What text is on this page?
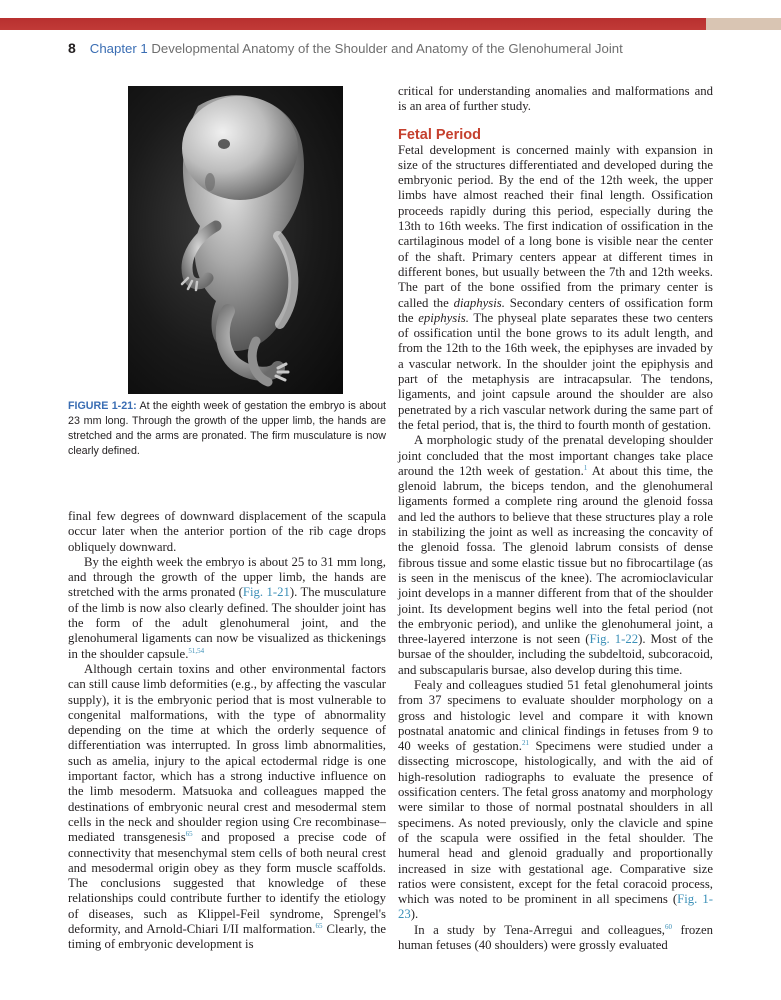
8 Chapter 1 Developmental Anatomy of the Shoulder and Anatomy of the Glenohumeral Joint
FIGURE 1-21: At the eighth week of gestation the embryo is about 23 mm long. Through the growth of the upper limb, the hands are stretched and the arms are pronated. The firm musculature is now clearly defined.

final few degrees of downward displacement of the scapula occur later when the anterior portion of the rib cage drops obliquely downward.

By the eighth week the embryo is about 25 to 31 mm long, and through the growth of the upper limb, the hands are stretched with the arms pronated (Fig. 1-21). The musculature of the limb is now also clearly defined. The shoulder joint has the form of the adult glenohumeral joint, and the glenohumeral ligaments can now be visualized as thickenings in the shoulder capsule.$^{51,54}$

Although certain toxins and other environmental factors can still cause limb deformities (e.g., by affecting the vascular supply), it is the embryonic period that is most vulnerable to congenital malformations, with the type of abnormality depending on the time at which the orderly sequence of differentiation was interrupted. In gross limb abnormalities, such as amelia, injury to the apical ectodermal ridge is one important factor, which has a strong inductive influence on the limb mesoderm. Matsuoka and colleagues mapped the destinations of embryonic neural crest and mesodermal stem cells in the neck and shoulder region using Cre recombinase–mediated transgenesis$^{65}$ and proposed a precise code of connectivity that mesenchymal stem cells of both neural crest and mesodermal origin obey as they form muscle scaffolds. The conclusions suggested that knowledge of these relationships could contribute further to identify the etiology of diseases, such as Klippel-Feil syndrome, Sprengel's deformity, and Arnold-Chiari I/II malformation.$^{65}$ Clearly, the timing of embryonic development is

critical for understanding anomalies and malformations and is an area of further study.

Fetal Period

Fetal development is concerned mainly with expansion in size of the structures differentiated and developed during the embryonic period. By the end of the 12th week, the upper limbs have almost reached their final length. Ossification proceeds rapidly during this period, especially during the 13th to 16th weeks. The first indication of ossification in the cartilaginous model of a long bone is visible near the center of the shaft. Primary centers appear at different times in different bones, but usually between the 7th and 12th weeks. The part of the bone ossified from the primary center is called the diaphysis. Secondary centers of ossification form the epiphysis. The physeal plate separates these two centers of ossification until the bone grows to its adult length, and from the 12th to the 16th week, the epiphyses are invaded by a vascular network. In the shoulder joint the epiphysis and part of the metaphysis are intracapsular. The tendons, ligaments, and joint capsule around the shoulder are also penetrated by a rich vascular network during the same part of the fetal period, that is, the third to fourth month of gestation.

A morphologic study of the prenatal developing shoulder joint concluded that the most important changes take place around the 12th week of gestation.$^1$ At about this time, the glenoid labrum, the biceps tendon, and the glenohumeral ligaments formed a complete ring around the glenoid fossa and led the authors to believe that these structures play a role in stabilizing the joint as well as increasing the concavity of the glenoid fossa. The glenoid labrum consists of dense fibrous tissue and some elastic tissue but no fibrocartilage (as is seen in the meniscus of the knee). The acromioclavicular joint develops in a manner different from that of the shoulder joint. Its development begins well into the fetal period (not the embryonic period), and unlike the glenohumeral joint, a three-layered interzone is not seen (Fig. 1-22). Most of the bursae of the shoulder, including the subdeltoid, subcoracoid, and subscapularis bursae, also develop during this time.

Fealy and colleagues studied 51 fetal glenohumeral joints from 37 specimens to evaluate shoulder morphology on a gross and histologic level and compare it with known postnatal anatomic and clinical findings in fetuses from 9 to 40 weeks of gestation.$^{21}$ Specimens were studied under a dissecting microscope, histologically, and with the aid of high-resolution radiographs to evaluate the presence of ossification centers. The fetal gross anatomy and morphology were similar to those of normal postnatal shoulders in all specimens. As noted previously, only the clavicle and spine of the scapula were ossified in the fetal shoulder. The humeral head and glenoid gradually and proportionally increased in size with gestational age. Comparative size ratios were consistent, except for the fetal coracoid process, which was noted to be prominent in all specimens (Fig. 1-23).

In a study by Tena-Arregui and colleagues,$^{60}$ frozen human fetuses (40 shoulders) were grossly evaluated
